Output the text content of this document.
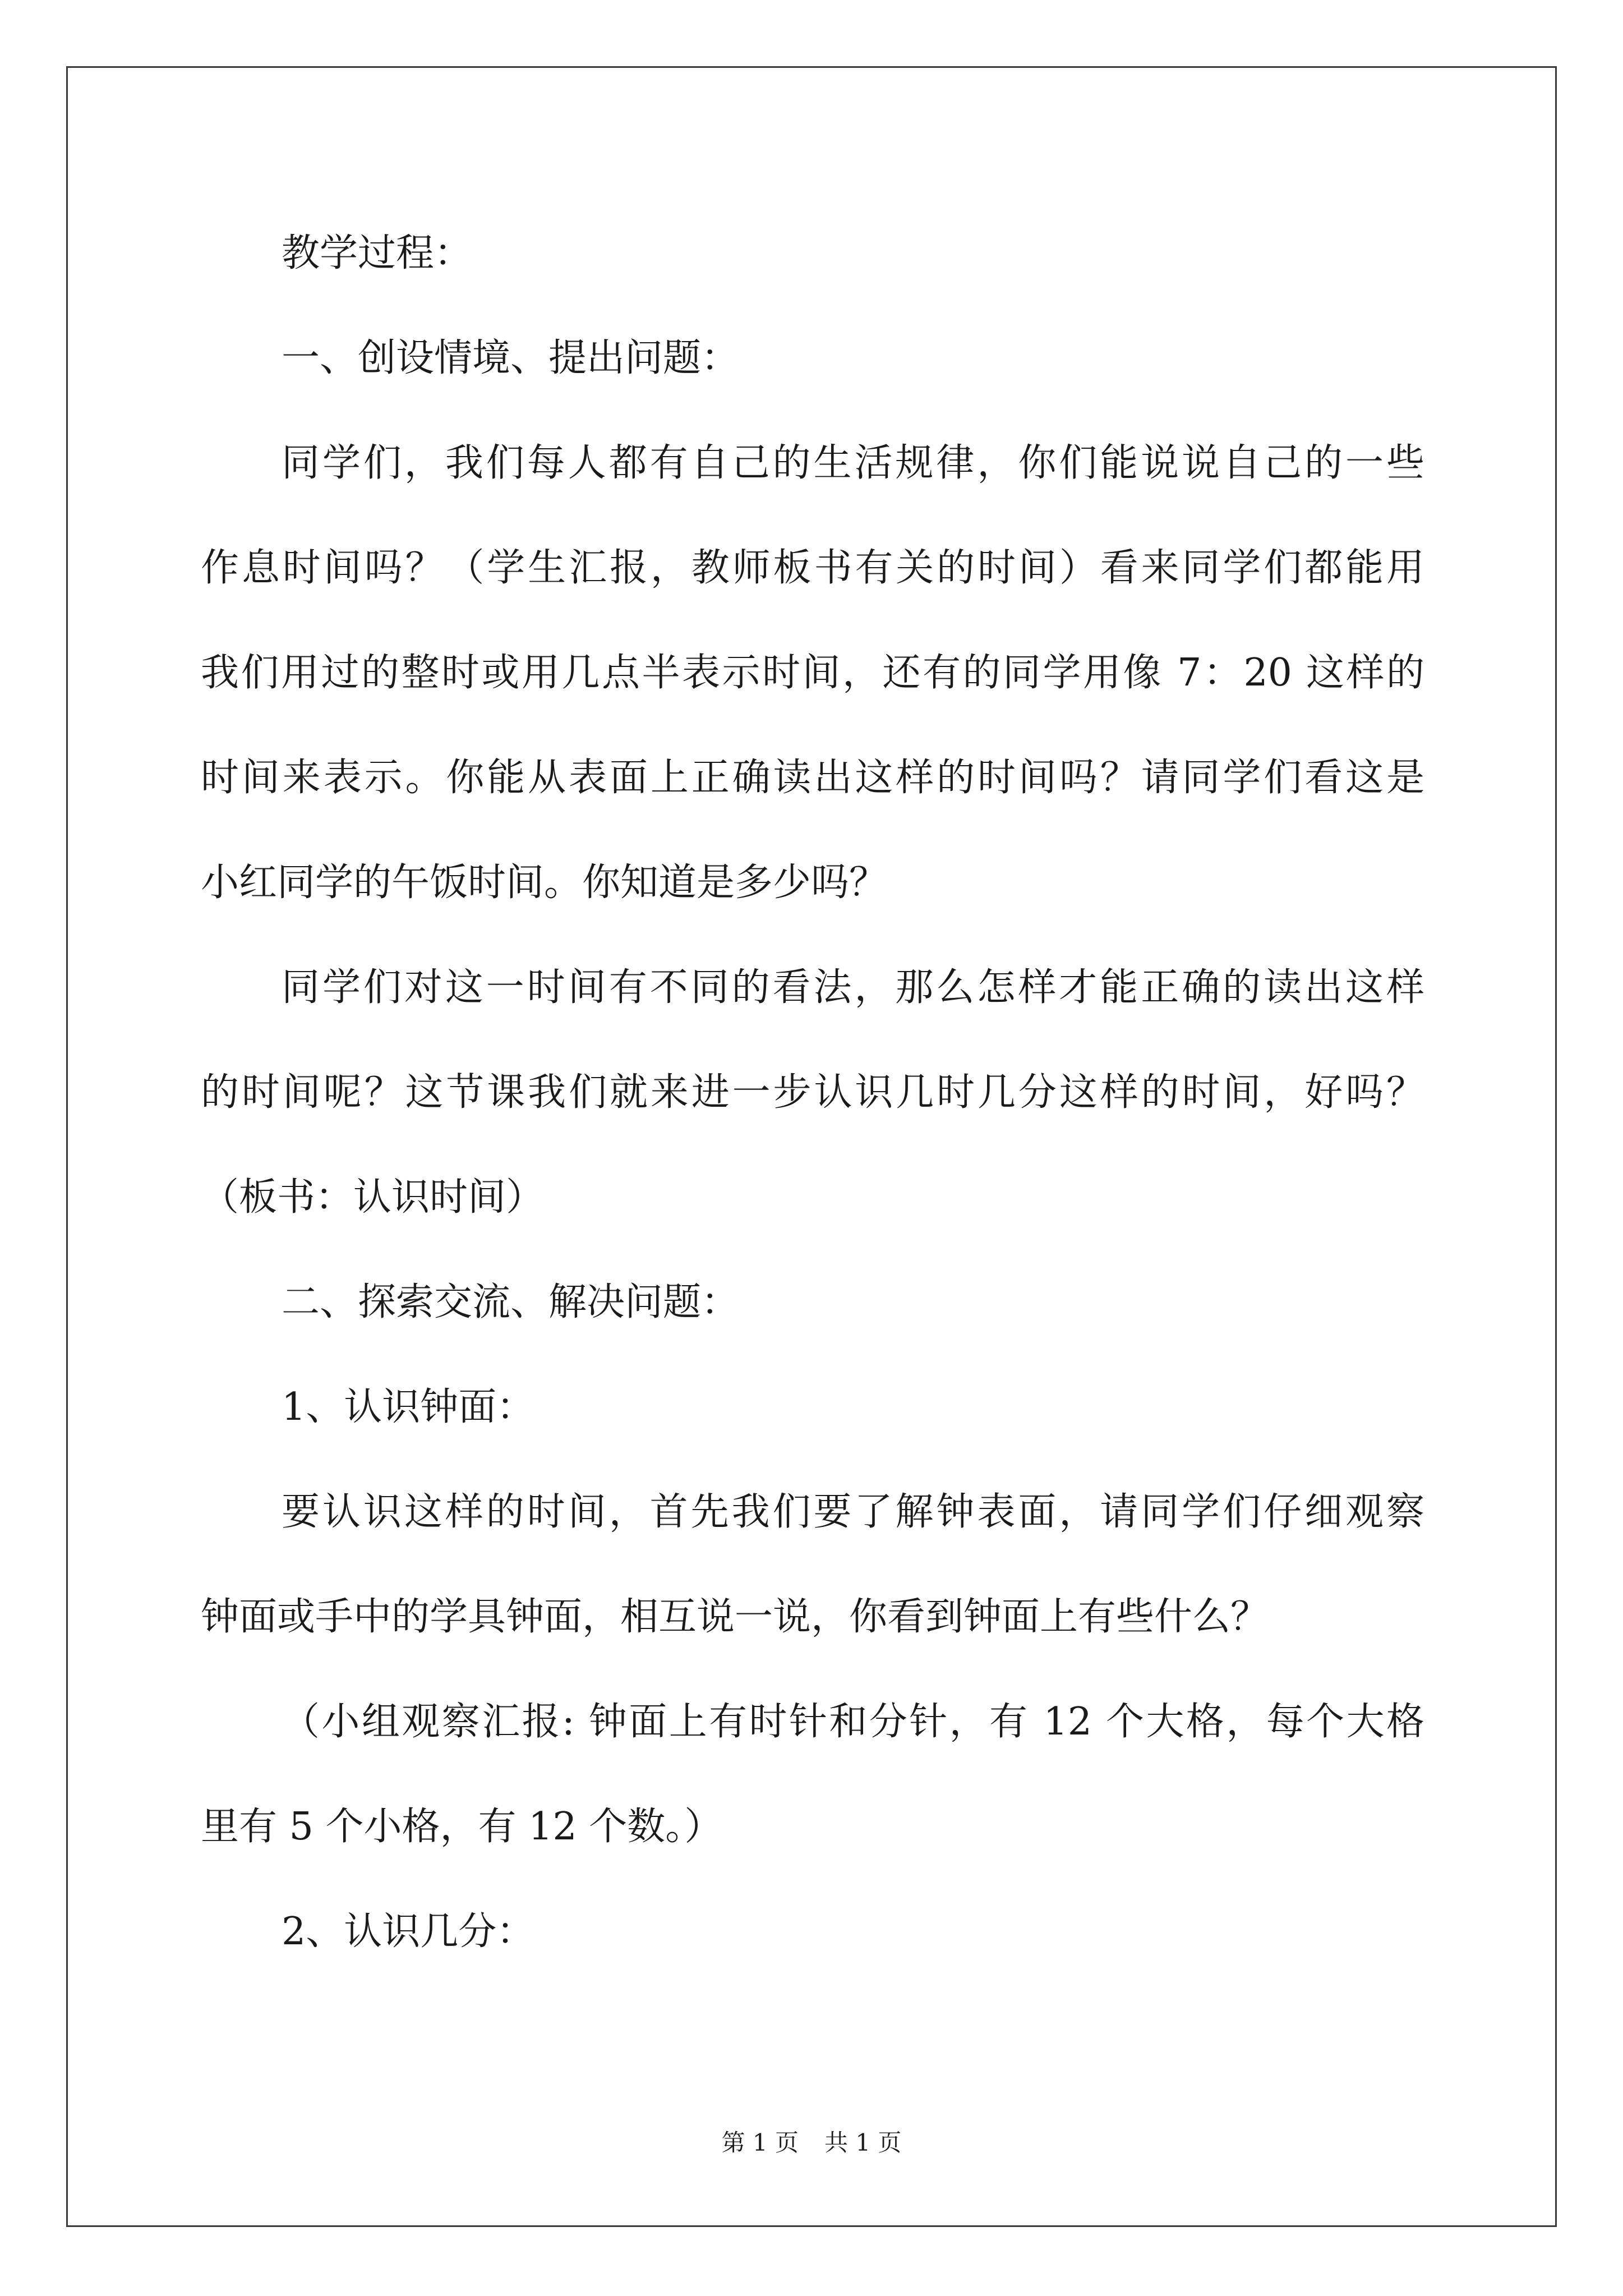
教学过程：
一、创设情境、提出问题：
同学们，我们每人都有自己的生活规律，你们能说说自己的一些
作息时间吗？（学生汇报，教师板书有关的时间）看来同学们都能用
我们用过的整时或用几点半表示时间，还有的同学用像 7：20 这样的
时间来表示。你能从表面上正确读出这样的时间吗？请同学们看这是
小红同学的午饭时间。你知道是多少吗？
同学们对这一时间有不同的看法，那么怎样才能正确的读出这样
的时间呢？这节课我们就来进一步认识几时几分这样的时间，好吗？
（板书：认识时间）
二、探索交流、解决问题：
1、认识钟面：
要认识这样的时间，首先我们要了解钟表面，请同学们仔细观察
钟面或手中的学具钟面，相互说一说，你看到钟面上有些什么？
（小组观察汇报: 钟面上有时针和分针，有 12 个大格，每个大格
里有 5 个小格，有 12 个数。）
2、认识几分：
第 1 页 共 1 页
